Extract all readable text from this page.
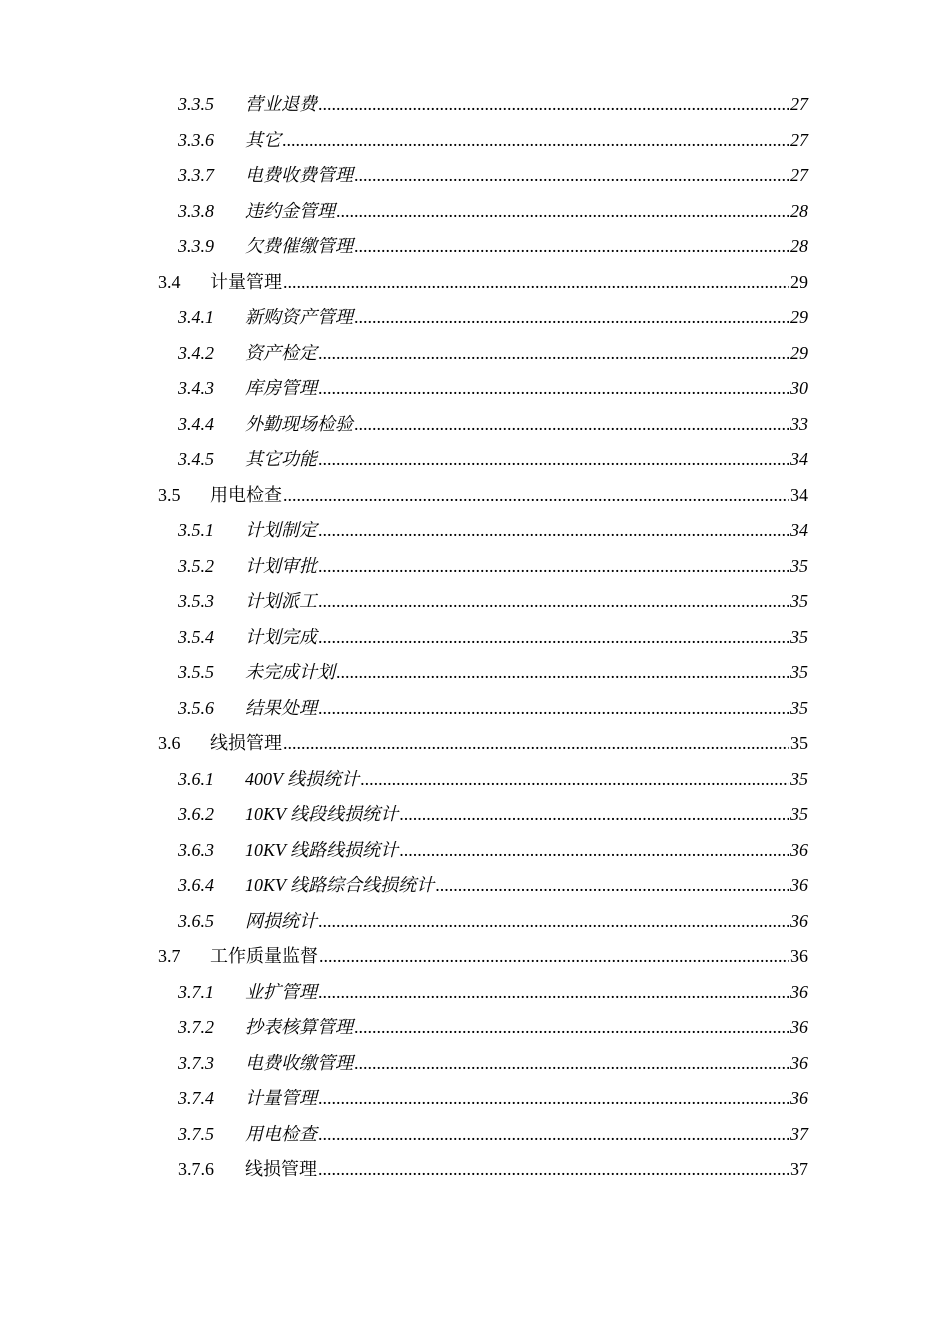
3.3.5	营业退费 .....	27
3.3.6	其它 .....	27
3.3.7	电费收费管理 .....	27
3.3.8	违约金管理 .....	28
3.3.9	欠费催缴管理 .....	28
3.4	计量管理 .....	29
3.4.1	新购资产管理 .....	29
3.4.2	资产检定 .....	29
3.4.3	库房管理 .....	30
3.4.4	外勤现场检验 .....	33
3.4.5	其它功能 .....	34
3.5	用电检查 .....	34
3.5.1	计划制定 .....	34
3.5.2	计划审批 .....	35
3.5.3	计划派工 .....	35
3.5.4	计划完成 .....	35
3.5.5	未完成计划 .....	35
3.5.6	结果处理 .....	35
3.6	线损管理 .....	35
3.6.1	400V 线损统计 .....	35
3.6.2	10KV 线段线损统计 .....	35
3.6.3	10KV 线路线损统计 .....	36
3.6.4	10KV 线路综合线损统计 .....	36
3.6.5	网损统计 .....	36
3.7	工作质量监督 .....	36
3.7.1	业扩管理 .....	36
3.7.2	抄表核算管理 .....	36
3.7.3	电费收缴管理 .....	36
3.7.4	计量管理 .....	36
3.7.5	用电检查 .....	37
3.7.6	线损管理 .....	37
